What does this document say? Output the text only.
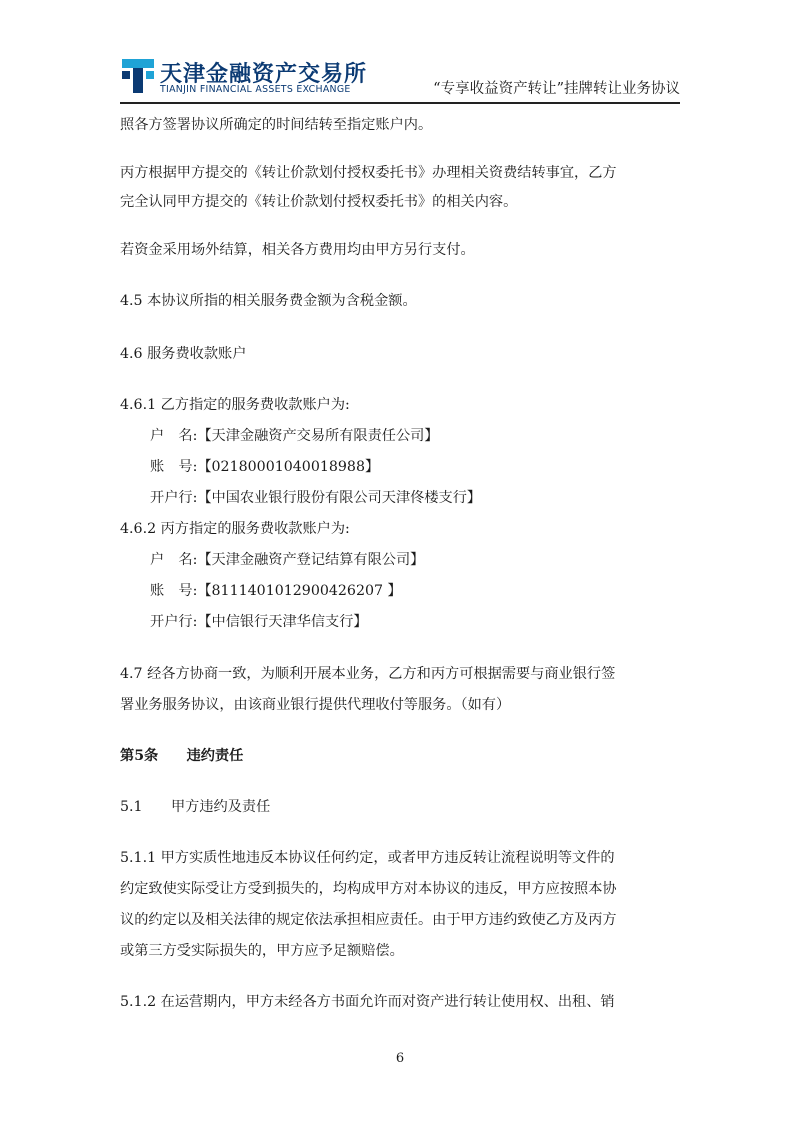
天津金融资产交易所
TIANJIN FINANCIAL ASSETS EXCHANGE	“专享收益资产转让”挂牌转让业务协议
照各方签署协议所确定的时间结转至指定账户内。
丙方根据甲方提交的《转让价款划付授权委托书》办理相关资费结转事宜，乙方
完全认同甲方提交的《转让价款划付授权委托书》的相关内容。
若资金采用场外结算，相关各方费用均由甲方另行支付。
4.5 本协议所指的相关服务费金额为含税金额。
4.6 服务费收款账户
4.6.1 乙方指定的服务费收款账户为:
户　名:【天津金融资产交易所有限责任公司】
账　号:【02180001040018988】
开户行:【中国农业银行股份有限公司天津佟楼支行】
4.6.2 丙方指定的服务费收款账户为:
户　名:【天津金融资产登记结算有限公司】
账　号:【8111401012900426207 】
开户行:【中信银行天津华信支行】
4.7 经各方协商一致，为顺利开展本业务，乙方和丙方可根据需要与商业银行签
署业务服务协议，由该商业银行提供代理收付等服务。（如有）
第5条　　违约责任
5.1　　甲方违约及责任
5.1.1 甲方实质性地违反本协议任何约定，或者甲方违反转让流程说明等文件的
约定致使实际受让方受到损失的，均构成甲方对本协议的违反，甲方应按照本协
议的约定以及相关法律的规定依法承担相应责任。由于甲方违约致使乙方及丙方
或第三方受实际损失的，甲方应予足额赔偿。
5.1.2 在运营期内，甲方未经各方书面允许而对资产进行转让使用权、出租、销
6
